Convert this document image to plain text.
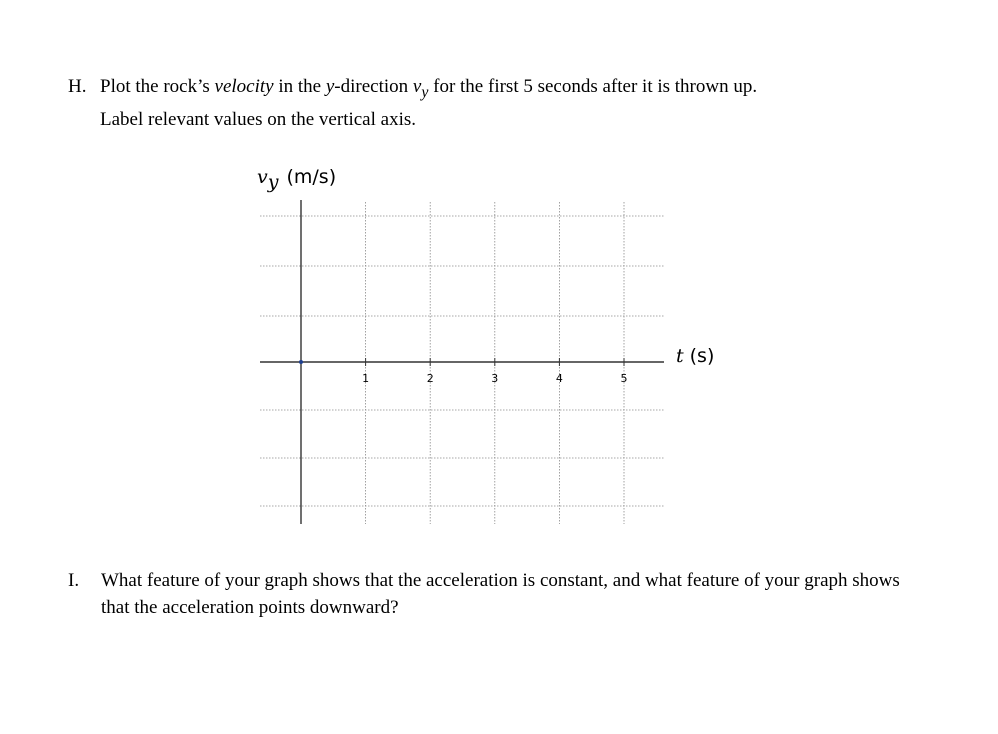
H. Plot the rock’s velocity in the y-direction $v_y$ for the first 5 seconds after it is thrown up.
Label relevant values on the vertical axis.
1	2	3	4	5
vy (m/s)
t (s)
I. What feature of your graph shows that the acceleration is constant, and what feature of your graph shows that the acceleration points downward?
